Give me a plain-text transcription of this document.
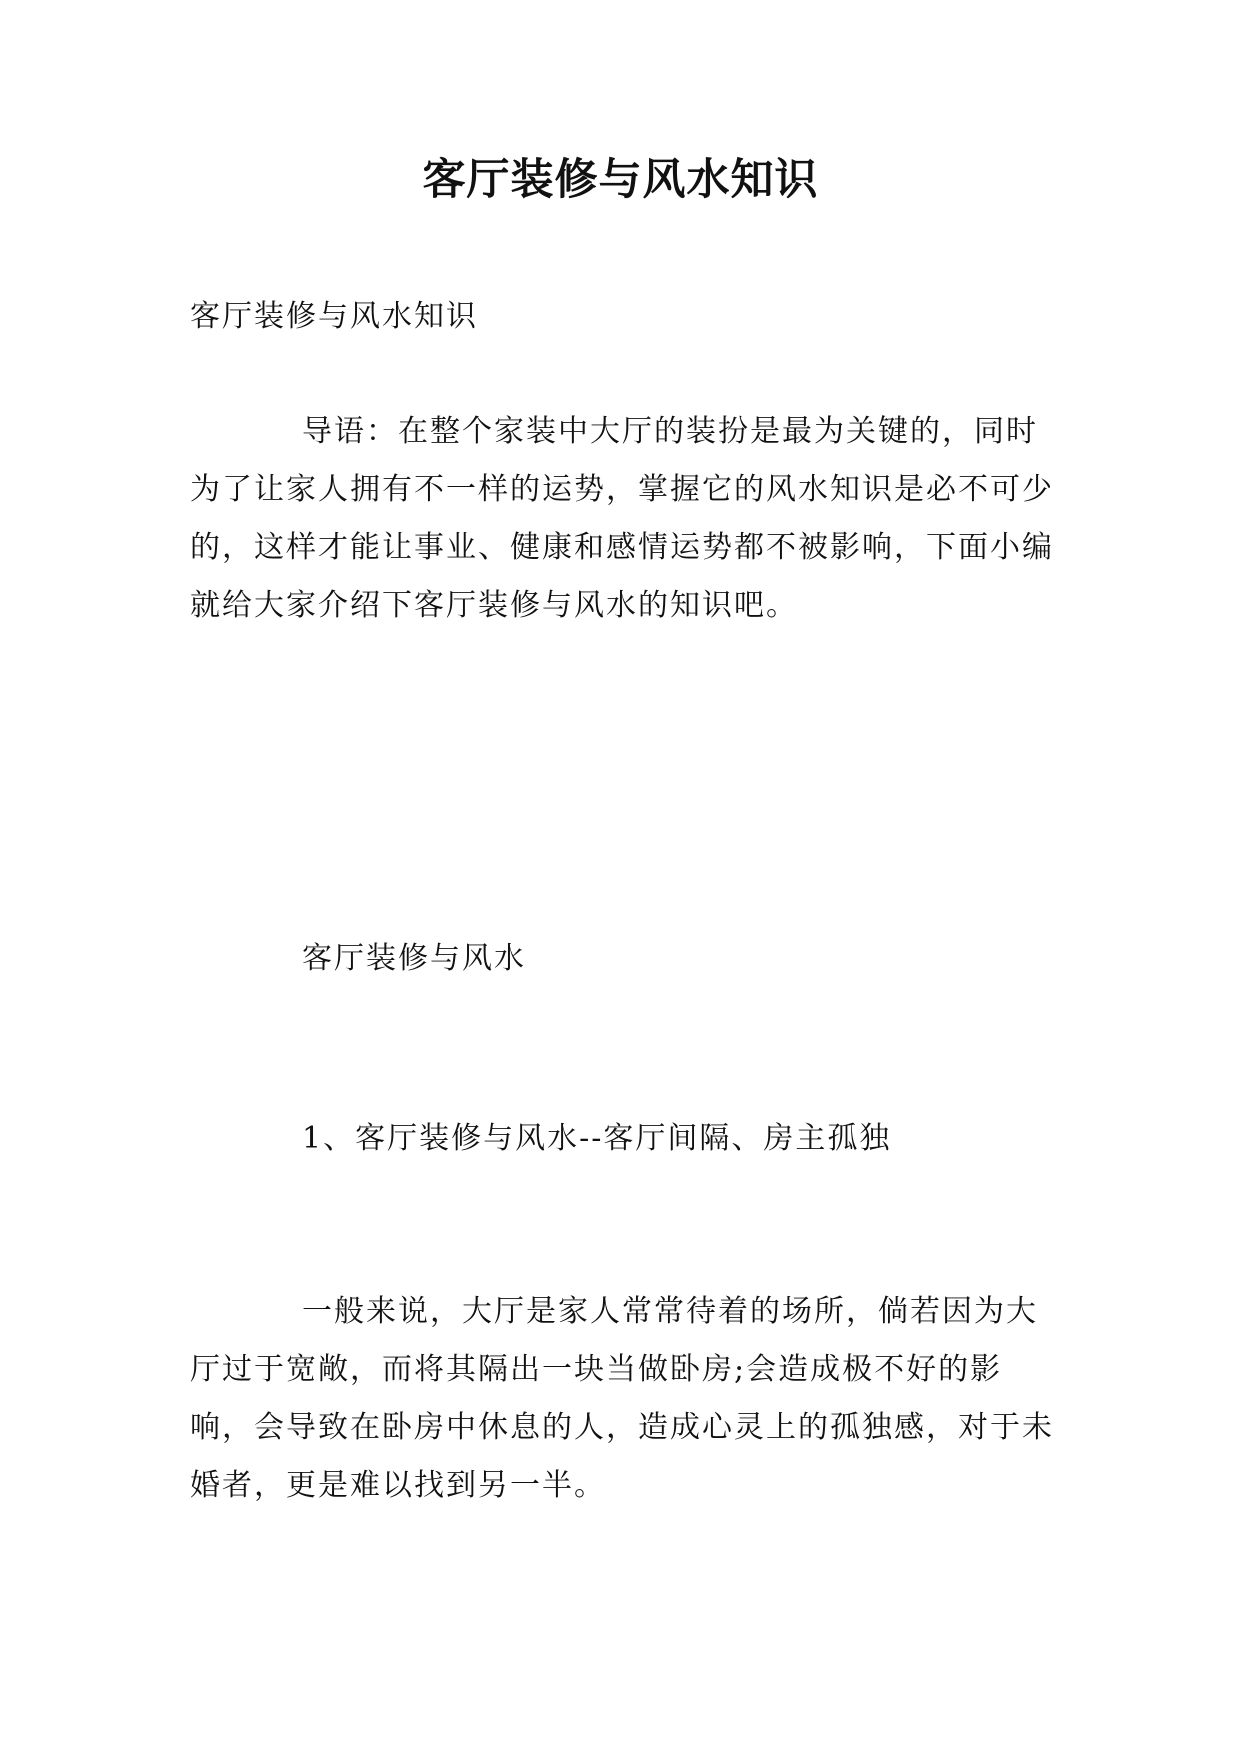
客厅装修与风水知识

客厅装修与风水知识

导语：在整个家装中大厅的装扮是最为关键的，同时为了让家人拥有不一样的运势，掌握它的风水知识是必不可少的，这样才能让事业、健康和感情运势都不被影响，下面小编就给大家介绍下客厅装修与风水的知识吧。

客厅装修与风水

1、客厅装修与风水--客厅间隔、房主孤独

一般来说，大厅是家人常常待着的场所，倘若因为大厅过于宽敞，而将其隔出一块当做卧房;会造成极不好的影响，会导致在卧房中休息的人，造成心灵上的孤独感，对于未婚者，更是难以找到另一半。
